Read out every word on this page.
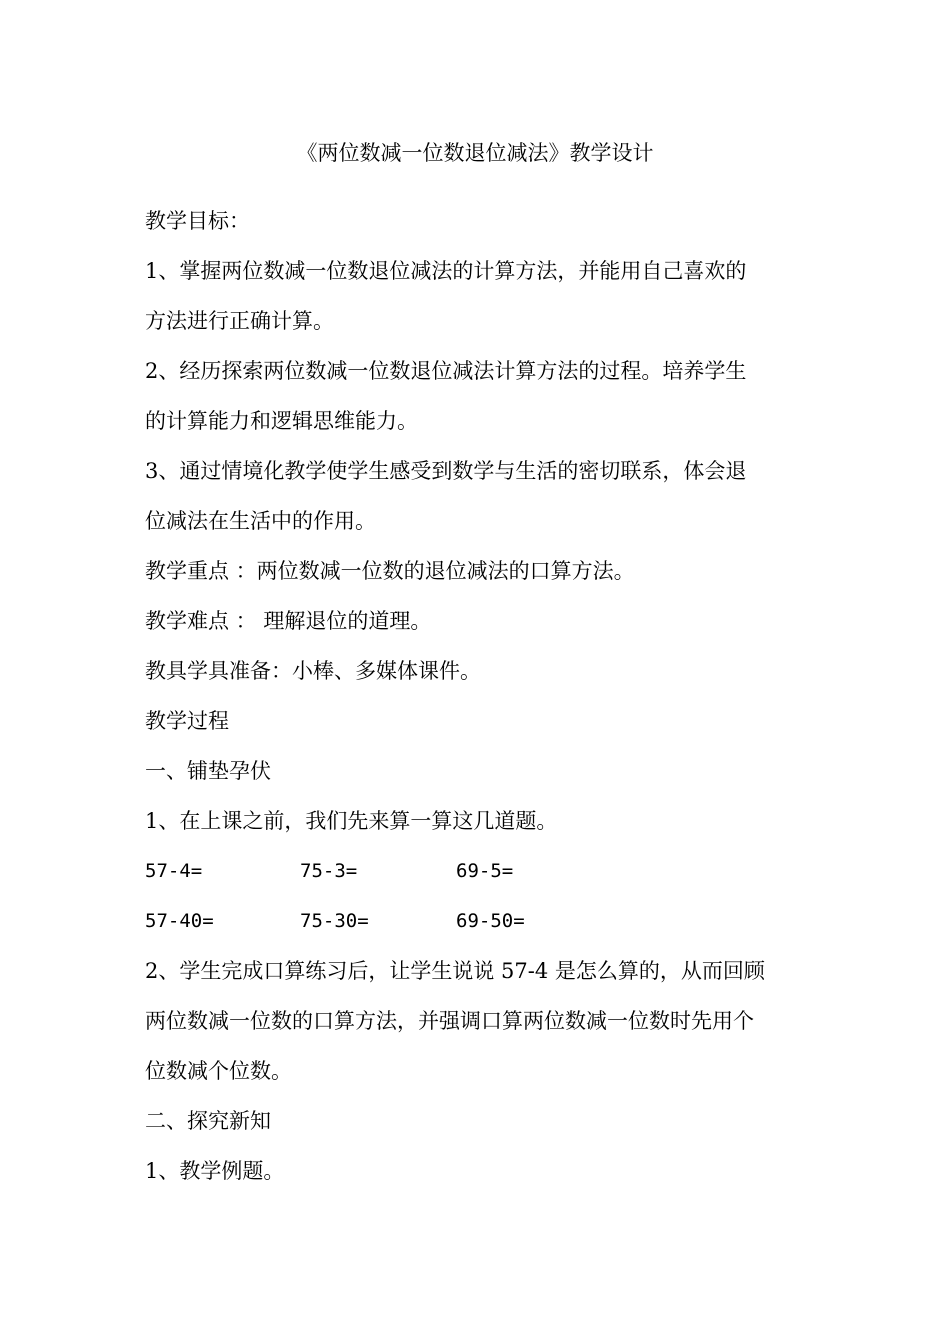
《两位数减一位数退位减法》教学设计
教学目标：
1、掌握两位数减一位数退位减法的计算方法，并能用自己喜欢的
方法进行正确计算。
2、经历探索两位数减一位数退位减法计算方法的过程。培养学生
的计算能力和逻辑思维能力。
3、通过情境化教学使学生感受到数学与生活的密切联系，体会退
位减法在生活中的作用。
教学重点 ：两位数减一位数的退位减法的口算方法。
教学难点 ： 理解退位的道理。
教具学具准备：小棒、多媒体课件。
教学过程
一、铺垫孕伏
1、在上课之前，我们先来算一算这几道题。
57-4=	75-3=	69-5=
57-40=	75-30=	69-50=
2、学生完成口算练习后，让学生说说 57-4 是怎么算的，从而回顾
两位数减一位数的口算方法，并强调口算两位数减一位数时先用个
位数减个位数。
二、探究新知
1、教学例题。
